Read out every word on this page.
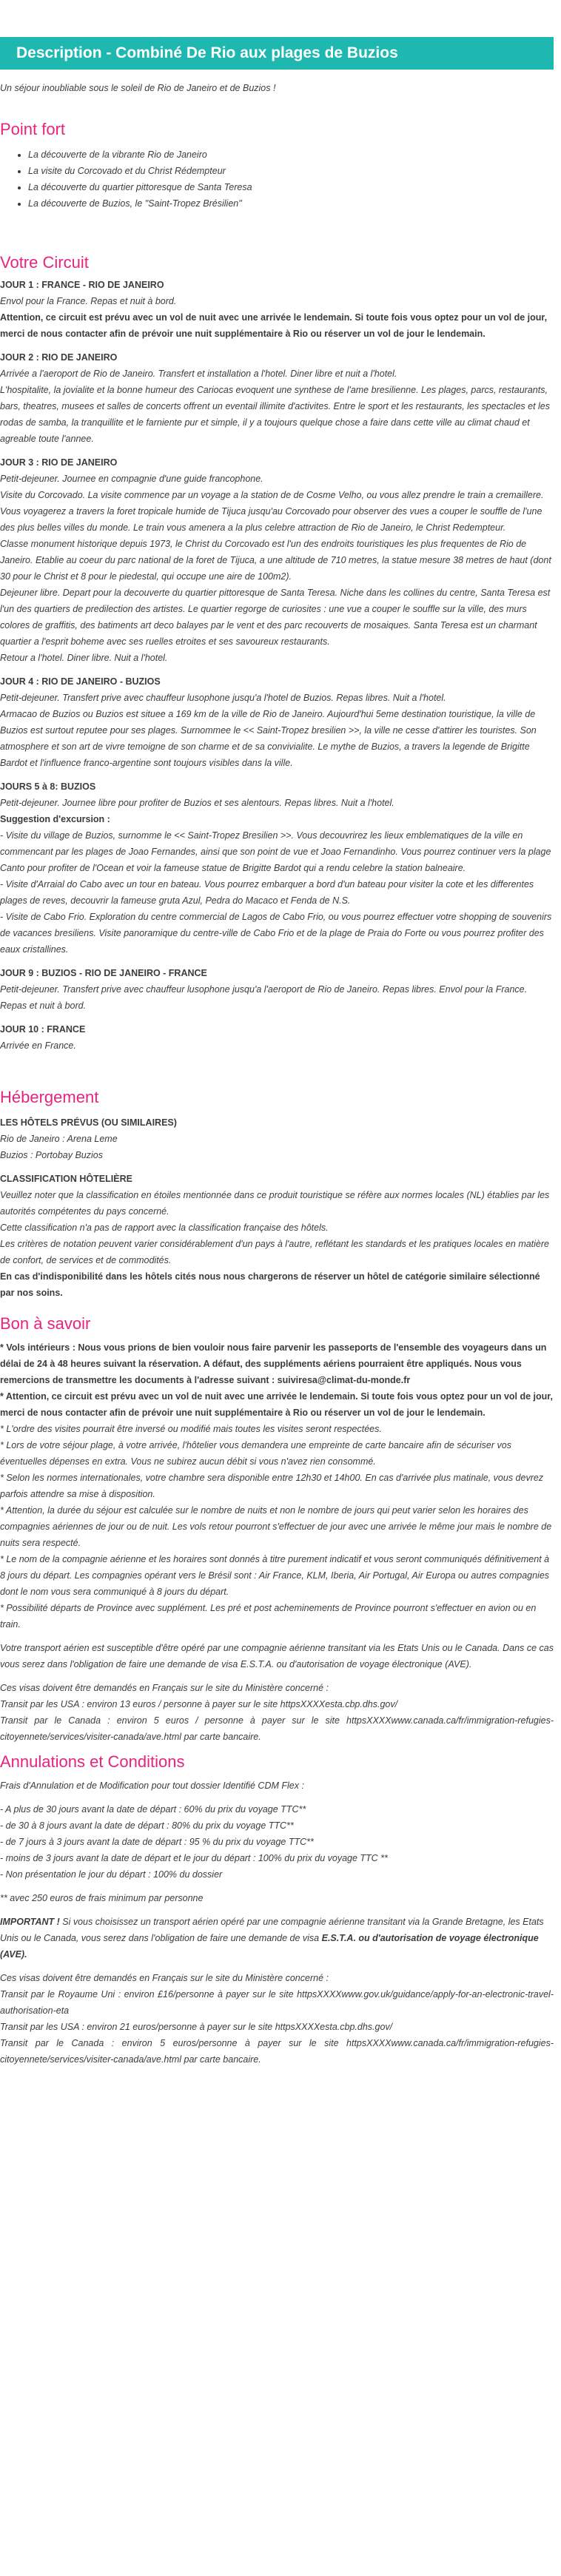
Description - Combiné De Rio aux plages de Buzios

Un séjour inoubliable sous le soleil de Rio de Janeiro et de Buzios !

Point fort
• La découverte de la vibrante Rio de Janeiro
• La visite du Corcovado et du Christ Rédempteur
• La découverte du quartier pittoresque de Santa Teresa
• La découverte de Buzios, le "Saint-Tropez Brésilien"
Votre Circuit

JOUR 1 : FRANCE - RIO DE JANEIRO

Envol pour la France. Repas et nuit à bord.

Attention, ce circuit est prévu avec un vol de nuit avec une arrivée le lendemain. Si toute fois vous optez pour un vol de jour, merci de nous contacter afin de prévoir une nuit supplémentaire à Rio ou réserver un vol de jour le lendemain.

JOUR 2 : RIO DE JANEIRO

Arrivée a l'aeroport de Rio de Janeiro. Transfert et installation a l'hotel. Diner libre et nuit a l'hotel.

L'hospitalite, la jovialite et la bonne humeur des Cariocas evoquent une synthese de l'ame bresilienne. Les plages, parcs, restaurants, bars, theatres, musees et salles de concerts offrent un eventail illimite d'activites. Entre le sport et les restaurants, les spectacles et les rodas de samba, la tranquillite et le farniente pur et simple, il y a toujours quelque chose a faire dans cette ville au climat chaud et agreable toute l'annee.

JOUR 3 : RIO DE JANEIRO

Petit-dejeuner. Journee en compagnie d'une guide francophone.

Visite du Corcovado. La visite commence par un voyage a la station de de Cosme Velho, ou vous allez prendre le train a cremaillere. Vous voyagerez a travers la foret tropicale humide de Tijuca jusqu'au Corcovado pour observer des vues a couper le souffle de l'une des plus belles villes du monde. Le train vous amenera a la plus celebre attraction de Rio de Janeiro, le Christ Redempteur.

Classe monument historique depuis 1973, le Christ du Corcovado est l'un des endroits touristiques les plus frequentes de Rio de Janeiro. Etablie au coeur du parc national de la foret de Tijuca, a une altitude de 710 metres, la statue mesure 38 metres de haut (dont 30 pour le Christ et 8 pour le piedestal, qui occupe une aire de 100m2).

Dejeuner libre. Depart pour la decouverte du quartier pittoresque de Santa Teresa. Niche dans les collines du centre, Santa Teresa est l'un des quartiers de predilection des artistes. Le quartier regorge de curiosites : une vue a couper le souffle sur la ville, des murs colores de graffitis, des batiments art deco balayes par le vent et des parc recouverts de mosaiques. Santa Teresa est un charmant quartier a l'esprit boheme avec ses ruelles etroites et ses savoureux restaurants.

Retour a l'hotel. Diner libre. Nuit a l'hotel.

JOUR 4 : RIO DE JANEIRO - BUZIOS

Petit-dejeuner. Transfert prive avec chauffeur lusophone jusqu'a l'hotel de Buzios. Repas libres. Nuit a l'hotel.

Armacao de Buzios ou Buzios est situee a 169 km de la ville de Rio de Janeiro. Aujourd'hui 5eme destination touristique, la ville de Buzios est surtout reputee pour ses plages. Surnommee le << Saint-Tropez bresilien >>, la ville ne cesse d'attirer les touristes. Son atmosphere et son art de vivre temoigne de son charme et de sa convivialite. Le mythe de Buzios, a travers la legende de Brigitte Bardot et l'influence franco-argentine sont toujours visibles dans la ville.

JOURS 5 à 8: BUZIOS

Petit-dejeuner. Journee libre pour profiter de Buzios et ses alentours. Repas libres. Nuit a l'hotel.

Suggestion d'excursion :

- Visite du village de Buzios, surnomme le << Saint-Tropez Bresilien >>. Vous decouvrirez les lieux emblematiques de la ville en commencant par les plages de Joao Fernandes, ainsi que son point de vue et Joao Fernandinho. Vous pourrez continuer vers la plage Canto pour profiter de l'Ocean et voir la fameuse statue de Brigitte Bardot qui a rendu celebre la station balneaire.

- Visite d'Arraial do Cabo avec un tour en bateau. Vous pourrez embarquer a bord d'un bateau pour visiter la cote et les differentes plages de reves, decouvrir la fameuse gruta Azul, Pedra do Macaco et Fenda de N.S.

- Visite de Cabo Frio. Exploration du centre commercial de Lagos de Cabo Frio, ou vous pourrez effectuer votre shopping de souvenirs de vacances bresiliens. Visite panoramique du centre-ville de Cabo Frio et de la plage de Praia do Forte ou vous pourrez profiter des eaux cristallines.

JOUR 9 : BUZIOS - RIO DE JANEIRO - FRANCE

Petit-dejeuner. Transfert prive avec chauffeur lusophone jusqu'a l'aeroport de Rio de Janeiro. Repas libres. Envol pour la France. Repas et nuit à bord.

JOUR 10 : FRANCE

Arrivée en France.

Hébergement

LES HÔTELS PRÉVUS (OU SIMILAIRES)

Rio de Janeiro : Arena Leme

Buzios : Portobay Buzios

CLASSIFICATION HÔTELIÈRE

Veuillez noter que la classification en étoiles mentionnée dans ce produit touristique se réfère aux normes locales (NL) établies par les autorités compétentes du pays concerné.

Cette classification n'a pas de rapport avec la classification française des hôtels.

Les critères de notation peuvent varier considérablement d'un pays à l'autre, reflétant les standards et les pratiques locales en matière de confort, de services et de commodités.

En cas d'indisponibilité dans les hôtels cités nous nous chargerons de réserver un hôtel de catégorie similaire sélectionné par nos soins.

Bon à savoir

* Vols intérieurs : Nous vous prions de bien vouloir nous faire parvenir les passeports de l'ensemble des voyageurs dans un délai de 24 à 48 heures suivant la réservation. A défaut, des suppléments aériens pourraient être appliqués. Nous vous remercions de transmettre les documents à l'adresse suivant : suiviresa@climat-du-monde.fr

* Attention, ce circuit est prévu avec un vol de nuit avec une arrivée le lendemain. Si toute fois vous optez pour un vol de jour, merci de nous contacter afin de prévoir une nuit supplémentaire à Rio ou réserver un vol de jour le lendemain.

* L'ordre des visites pourrait être inversé ou modifié mais toutes les visites seront respectées.

* Lors de votre séjour plage, à votre arrivée, l'hôtelier vous demandera une empreinte de carte bancaire afin de sécuriser vos éventuelles dépenses en extra. Vous ne subirez aucun débit si vous n'avez rien consommé.

* Selon les normes internationales, votre chambre sera disponible entre 12h30 et 14h00. En cas d'arrivée plus matinale, vous devrez parfois attendre sa mise à disposition.

* Attention, la durée du séjour est calculée sur le nombre de nuits et non le nombre de jours qui peut varier selon les horaires des compagnies aériennes de jour ou de nuit. Les vols retour pourront s'effectuer de jour avec une arrivée le même jour mais le nombre de nuits sera respecté.

* Le nom de la compagnie aérienne et les horaires sont donnés à titre purement indicatif et vous seront communiqués définitivement à 8 jours du départ. Les compagnies opérant vers le Brésil sont : Air France, KLM, Iberia, Air Portugal, Air Europa ou autres compagnies dont le nom vous sera communiqué à 8 jours du départ.

* Possibilité départs de Province avec supplément. Les pré et post acheminements de Province pourront s'effectuer en avion ou en train.

Votre transport aérien est susceptible d'être opéré par une compagnie aérienne transitant via les Etats Unis ou le Canada. Dans ce cas vous serez dans l'obligation de faire une demande de visa E.S.T.A. ou d'autorisation de voyage électronique (AVE).

Ces visas doivent être demandés en Français sur le site du Ministère concerné :

Transit par les USA : environ 13 euros / personne à payer sur le site httpsXXXXesta.cbp.dhs.gov/

Transit par le Canada : environ 5 euros / personne à payer sur le site httpsXXXXwww.canada.ca/fr/immigration-refugies-citoyennete/services/visiter-canada/ave.html par carte bancaire.

Annulations et Conditions

Frais d'Annulation et de Modification pour tout dossier Identifié CDM Flex :

- A plus de 30 jours avant la date de départ : 60% du prix du voyage TTC**

- de 30 à 8 jours avant la date de départ : 80% du prix du voyage TTC**

- de 7 jours à 3 jours avant la date de départ : 95 % du prix du voyage TTC**

- moins de 3 jours avant la date de départ et le jour du départ : 100% du prix du voyage TTC **

- Non présentation le jour du départ : 100% du dossier

** avec 250 euros de frais minimum par personne

IMPORTANT ! Si vous choisissez un transport aérien opéré par une compagnie aérienne transitant via la Grande Bretagne, les Etats Unis ou le Canada, vous serez dans l'obligation de faire une demande de visa E.S.T.A. ou d'autorisation de voyage électronique (AVE).

Ces visas doivent être demandés en Français sur le site du Ministère concerné :

Transit par le Royaume Uni : environ £16/personne à payer sur le site httpsXXXXwww.gov.uk/guidance/apply-for-an-electronic-travel-authorisation-eta

Transit par les USA : environ 21 euros/personne à payer sur le site httpsXXXXesta.cbp.dhs.gov/

Transit par le Canada : environ 5 euros/personne à payer sur le site httpsXXXXwww.canada.ca/fr/immigration-refugies-citoyennete/services/visiter-canada/ave.html par carte bancaire.
